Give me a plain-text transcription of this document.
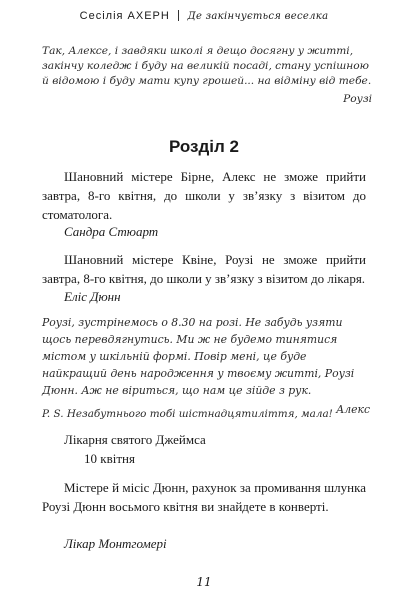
Сесілія АХЕРН Де закінчується веселка
Так, Алексе, і завдяки школі я дещо досягну у житті, закінчу коледж і буду на великій посаді, стану успішною й відомою і буду мати купу грошей... на відміну від тебе.
Роузі
Розділ 2

Шановний містере Бірне, Алекс не зможе прийти завтра, 8-го квітня, до школи у зв’язку з візитом до стоматолога.

Сандра Стюарт

Шановний містере Квіне, Роузі не зможе прийти завтра, 8-го квітня, до школи у зв’язку з візитом до лікаря.

Еліс Дюнн
Роузі, зустрінемось о 8.30 на розі. Не забудь узяти щось перевдягнутись. Ми ж не будемо тинятися містом у шкільній формі. Повір мені, це буде найкращий день народження у твоєму житті, Роузі Дюнн. Аж не віриться, що нам це зійде з рук.
Алекс
P. S. Незабутнього тобі шістнадцятиліття, малa!
Лікарня святого Джеймса
10 квітня

Містере й місіс Дюнн, рахунок за промивання шлунка Роузі Дюнн восьмого квітня ви знайдете в конверті.

Лікар Монтгомері
11
